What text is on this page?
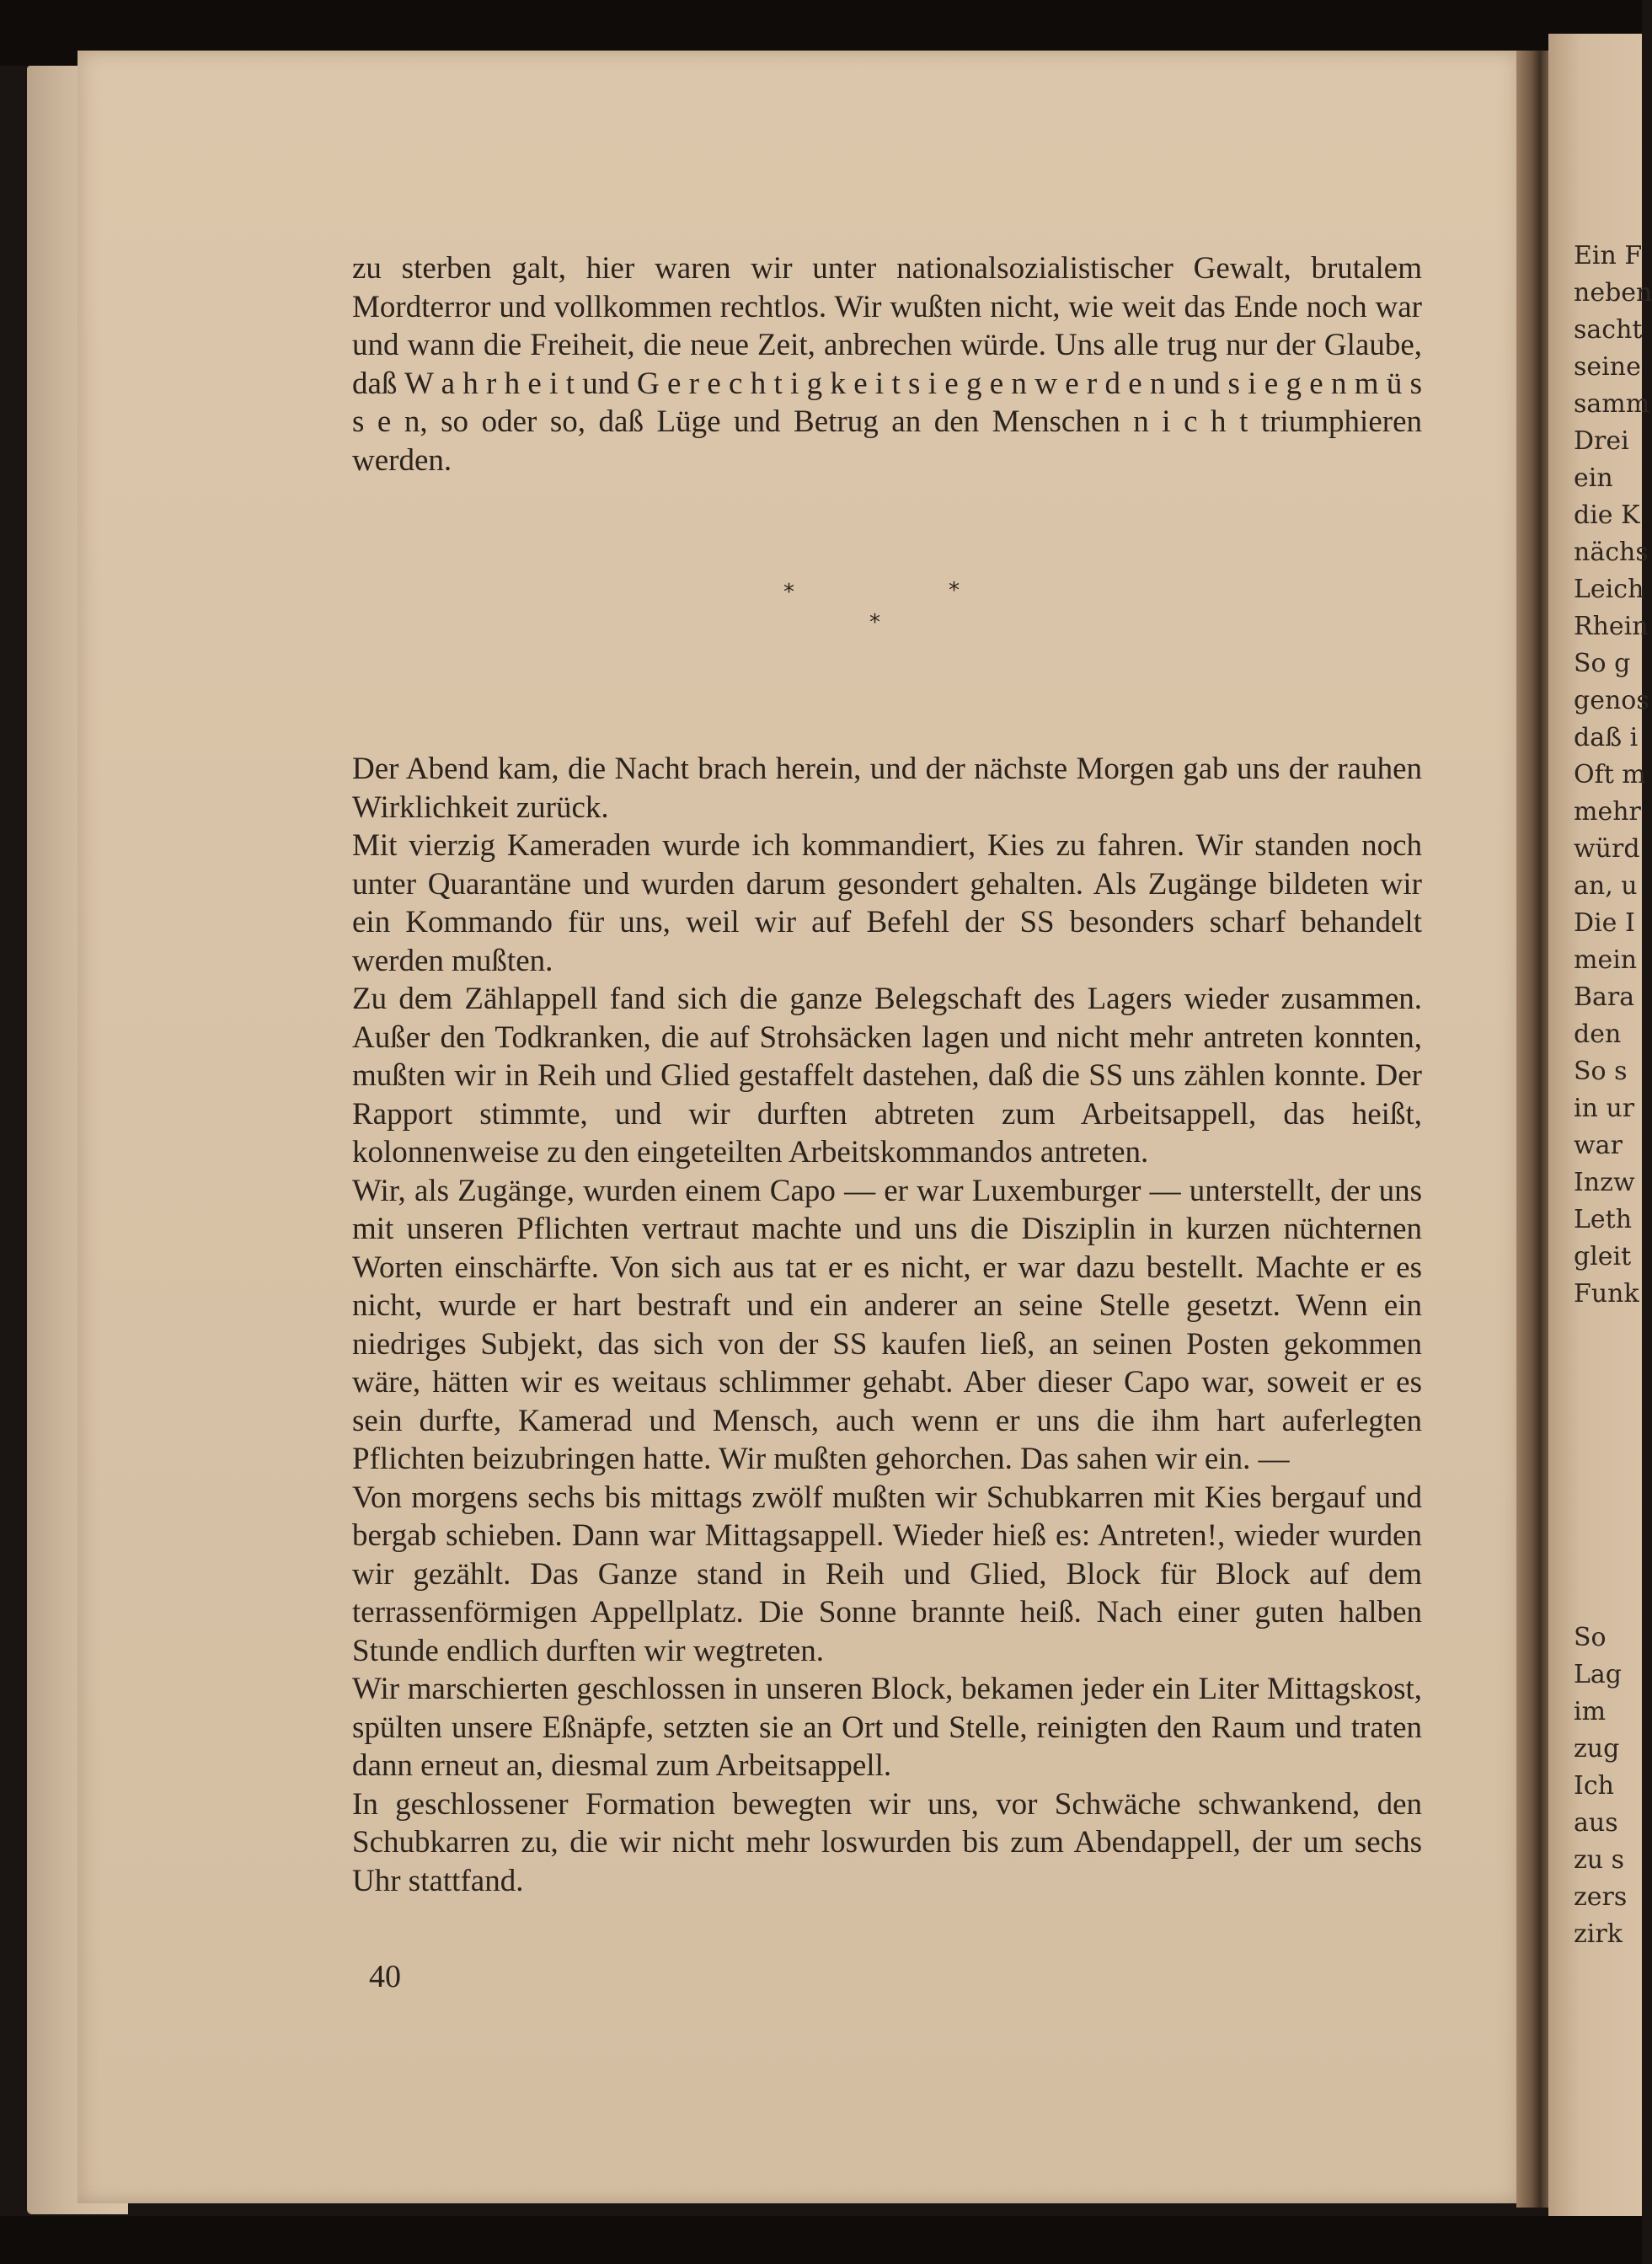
Ein F
neben
sacht
seine
samm
Drei
ein
die K
nächs
Leich
Rhein
So g
genos
daß i
Oft m
mehr
würd
an, u
Die I
mein
Bara
den
So s
in ur
war
Inzw
Leth
gleit
Funk
So
Lag
im
zug
Ich
aus
zu s
zers
zirk

zu sterben galt, hier waren wir unter nationalsozialistischer Gewalt, brutalem Mordterror und vollkommen rechtlos. Wir wußten nicht, wie weit das Ende noch war und wann die Freiheit, die neue Zeit, anbrechen würde. Uns alle trug nur der Glaube, daß W a h r h e i t und G e r e c h t i g k e i t s i e g e n w e r d e n und s i e g e n m ü s s e n, so oder so, daß Lüge und Betrug an den Menschen n i c h t triumphieren werden.

*	*
*

Der Abend kam, die Nacht brach herein, und der nächste Morgen gab uns der rauhen Wirklichkeit zurück.

Mit vierzig Kameraden wurde ich kommandiert, Kies zu fahren. Wir standen noch unter Quarantäne und wurden darum gesondert gehalten. Als Zugänge bildeten wir ein Kommando für uns, weil wir auf Befehl der SS besonders scharf behandelt werden mußten.

Zu dem Zählappell fand sich die ganze Belegschaft des Lagers wieder zusammen. Außer den Todkranken, die auf Strohsäcken lagen und nicht mehr antreten konnten, mußten wir in Reih und Glied gestaffelt dastehen, daß die SS uns zählen konnte. Der Rapport stimmte, und wir durften abtreten zum Arbeitsappell, das heißt, kolonnenweise zu den eingeteilten Arbeitskommandos antreten.

Wir, als Zugänge, wurden einem Capo — er war Luxemburger — unterstellt, der uns mit unseren Pflichten vertraut machte und uns die Disziplin in kurzen nüchternen Worten einschärfte. Von sich aus tat er es nicht, er war dazu bestellt. Machte er es nicht, wurde er hart bestraft und ein anderer an seine Stelle gesetzt. Wenn ein niedriges Subjekt, das sich von der SS kaufen ließ, an seinen Posten gekommen wäre, hätten wir es weitaus schlimmer gehabt. Aber dieser Capo war, soweit er es sein durfte, Kamerad und Mensch, auch wenn er uns die ihm hart auferlegten Pflichten beizubringen hatte. Wir mußten gehorchen. Das sahen wir ein. —

Von morgens sechs bis mittags zwölf mußten wir Schubkarren mit Kies bergauf und bergab schieben. Dann war Mittagsappell. Wieder hieß es: Antreten!, wieder wurden wir gezählt. Das Ganze stand in Reih und Glied, Block für Block auf dem terrassenförmigen Appellplatz. Die Sonne brannte heiß. Nach einer guten halben Stunde endlich durften wir wegtreten.

Wir marschierten geschlossen in unseren Block, bekamen jeder ein Liter Mittagskost, spülten unsere Eßnäpfe, setzten sie an Ort und Stelle, reinigten den Raum und traten dann erneut an, diesmal zum Arbeitsappell.

In geschlossener Formation bewegten wir uns, vor Schwäche schwankend, den Schubkarren zu, die wir nicht mehr loswurden bis zum Abendappell, der um sechs Uhr stattfand.

40
